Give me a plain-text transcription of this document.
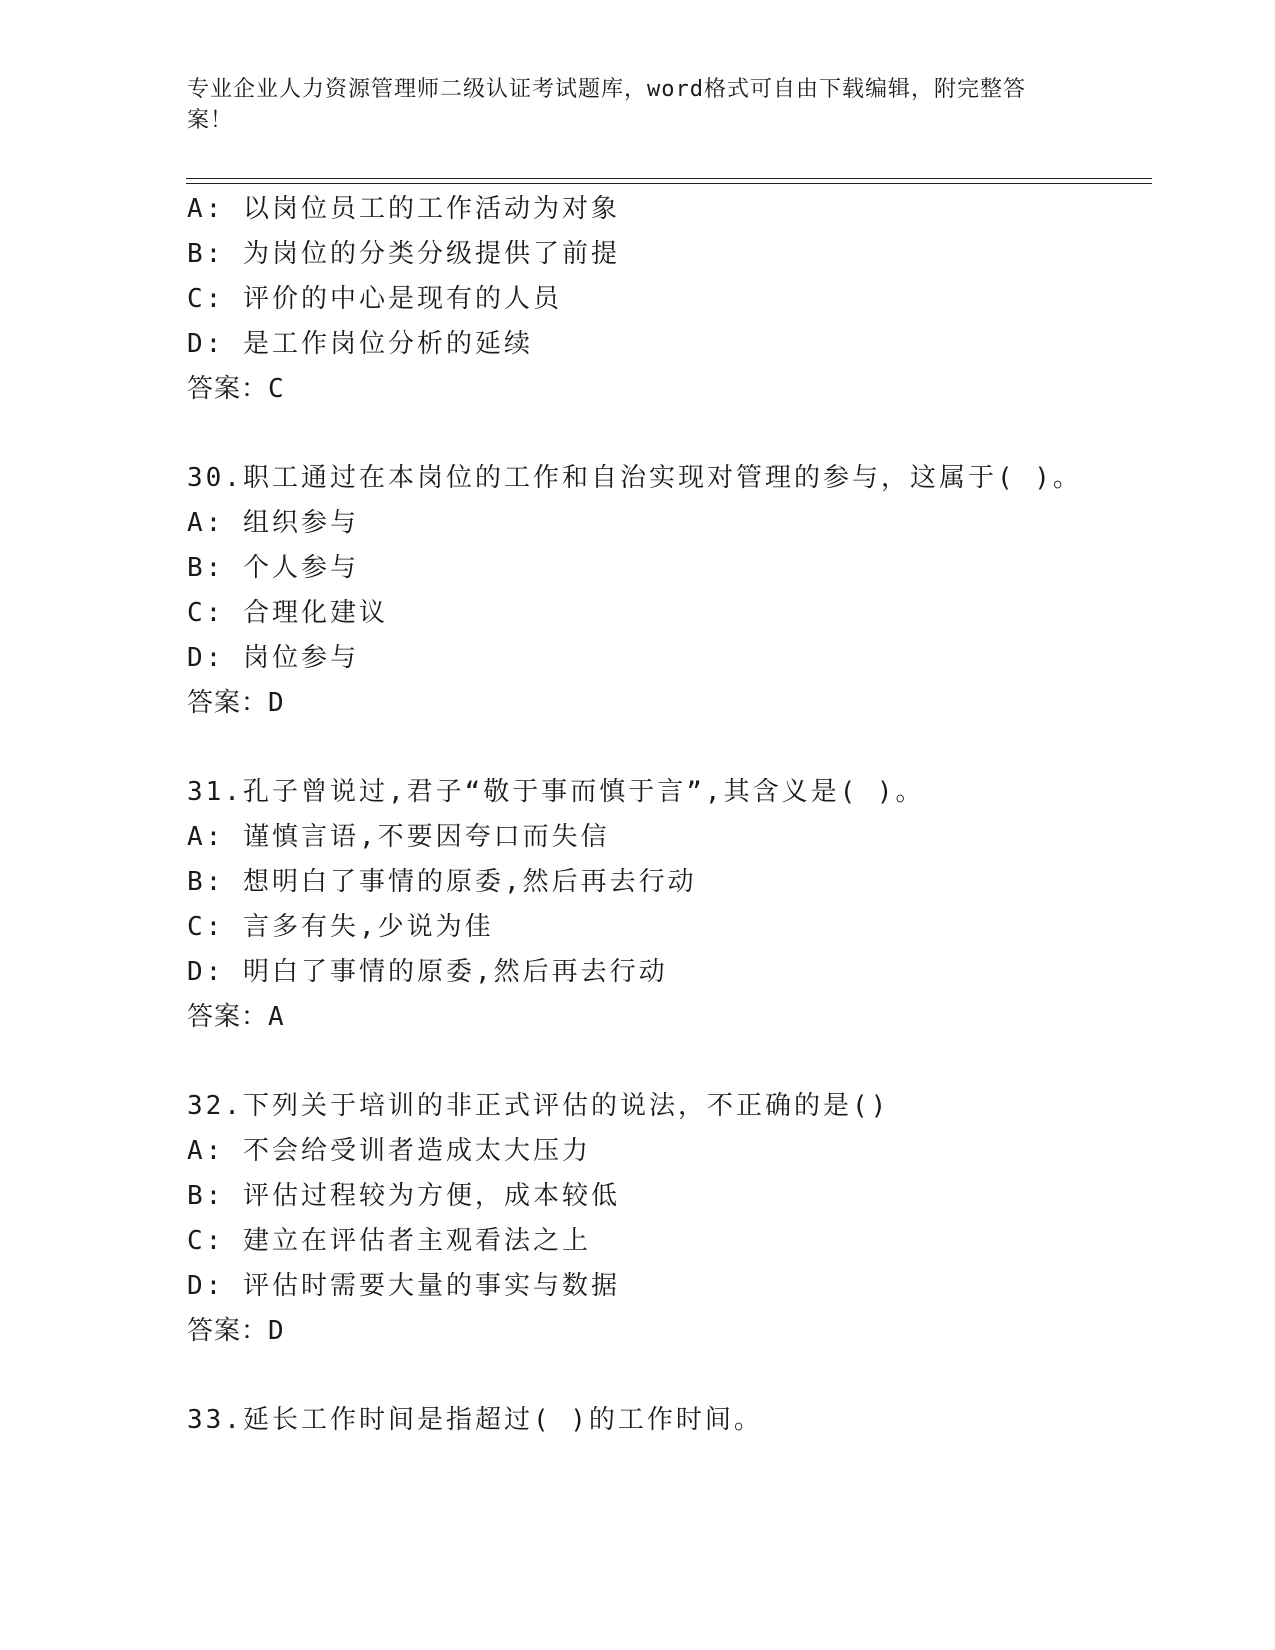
专业企业人力资源管理师二级认证考试题库，word格式可自由下载编辑，附完整答案！
A: 以岗位员工的工作活动为对象
B: 为岗位的分类分级提供了前提
C: 评价的中心是现有的人员
D: 是工作岗位分析的延续
答案：C
30.职工通过在本岗位的工作和自治实现对管理的参与，这属于( )。
A: 组织参与
B: 个人参与
C: 合理化建议
D: 岗位参与
答案：D
31.孔子曾说过,君子“敬于事而慎于言”,其含义是( )。
A: 谨慎言语,不要因夸口而失信
B: 想明白了事情的原委,然后再去行动
C: 言多有失,少说为佳
D: 明白了事情的原委,然后再去行动
答案：A
32.下列关于培训的非正式评估的说法，不正确的是()
A: 不会给受训者造成太大压力
B: 评估过程较为方便，成本较低
C: 建立在评估者主观看法之上
D: 评估时需要大量的事实与数据
答案：D
33.延长工作时间是指超过( )的工作时间。
